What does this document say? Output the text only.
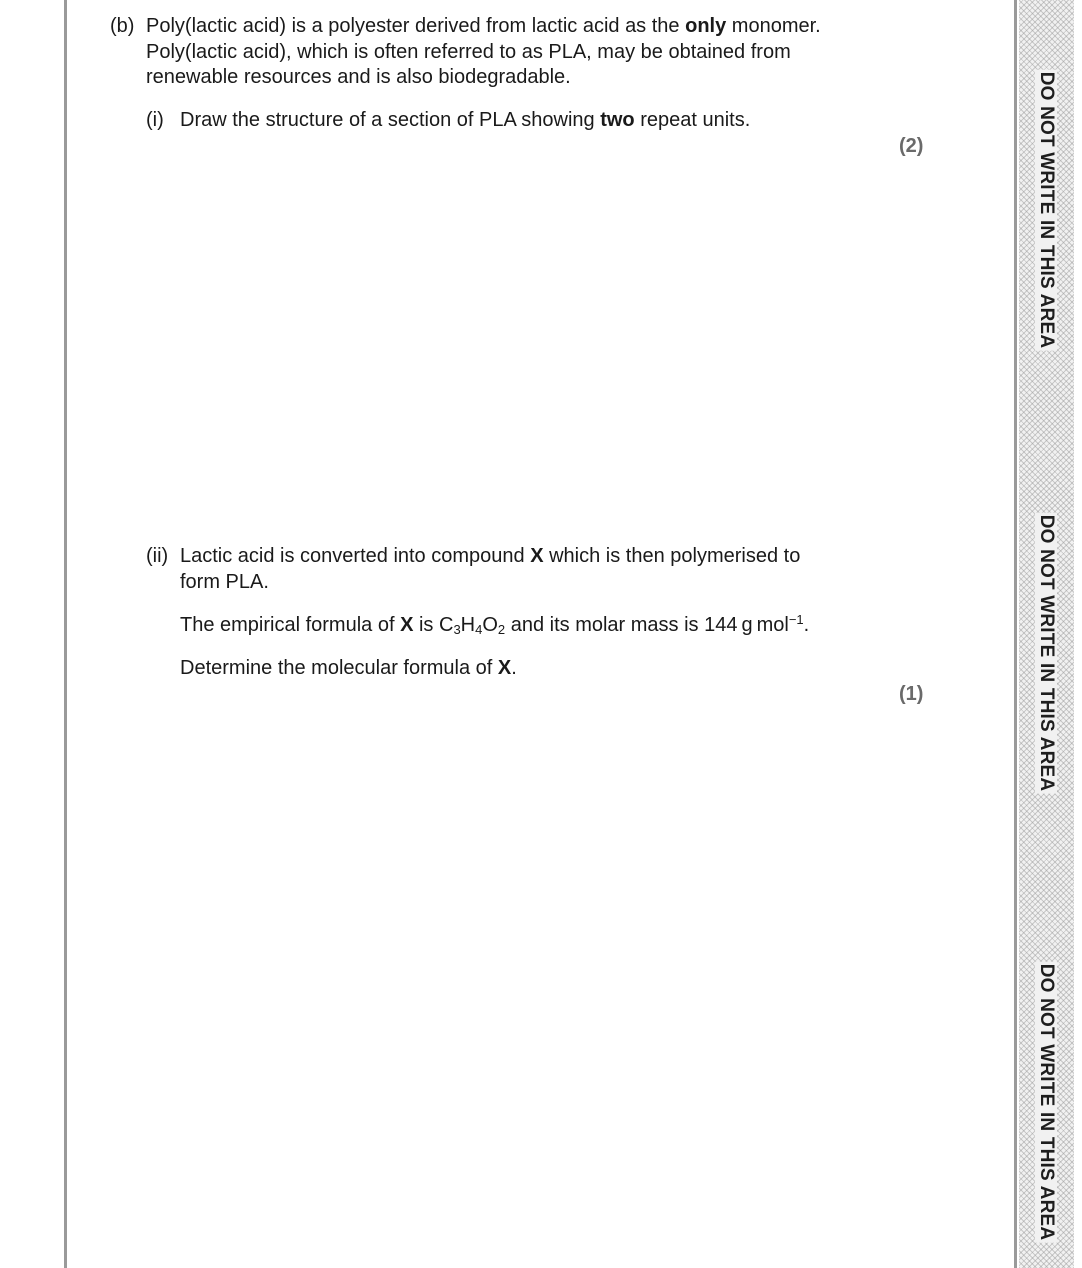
DO NOT WRITE IN THIS AREA
DO NOT WRITE IN THIS AREA
DO NOT WRITE IN THIS AREA
(b) Poly(lactic acid) is a polyester derived from lactic acid as the only monomer.
Poly(lactic acid), which is often referred to as PLA, may be obtained from
renewable resources and is also biodegradable.
(i) Draw the structure of a section of PLA showing two repeat units.
(2)
(ii) Lactic acid is converted into compound X which is then polymerised to
form PLA.
The empirical formula of X is $C_3H_4O_2$ and its molar mass is 144 g mol$^{-1}$.
Determine the molecular formula of X.
(1)
